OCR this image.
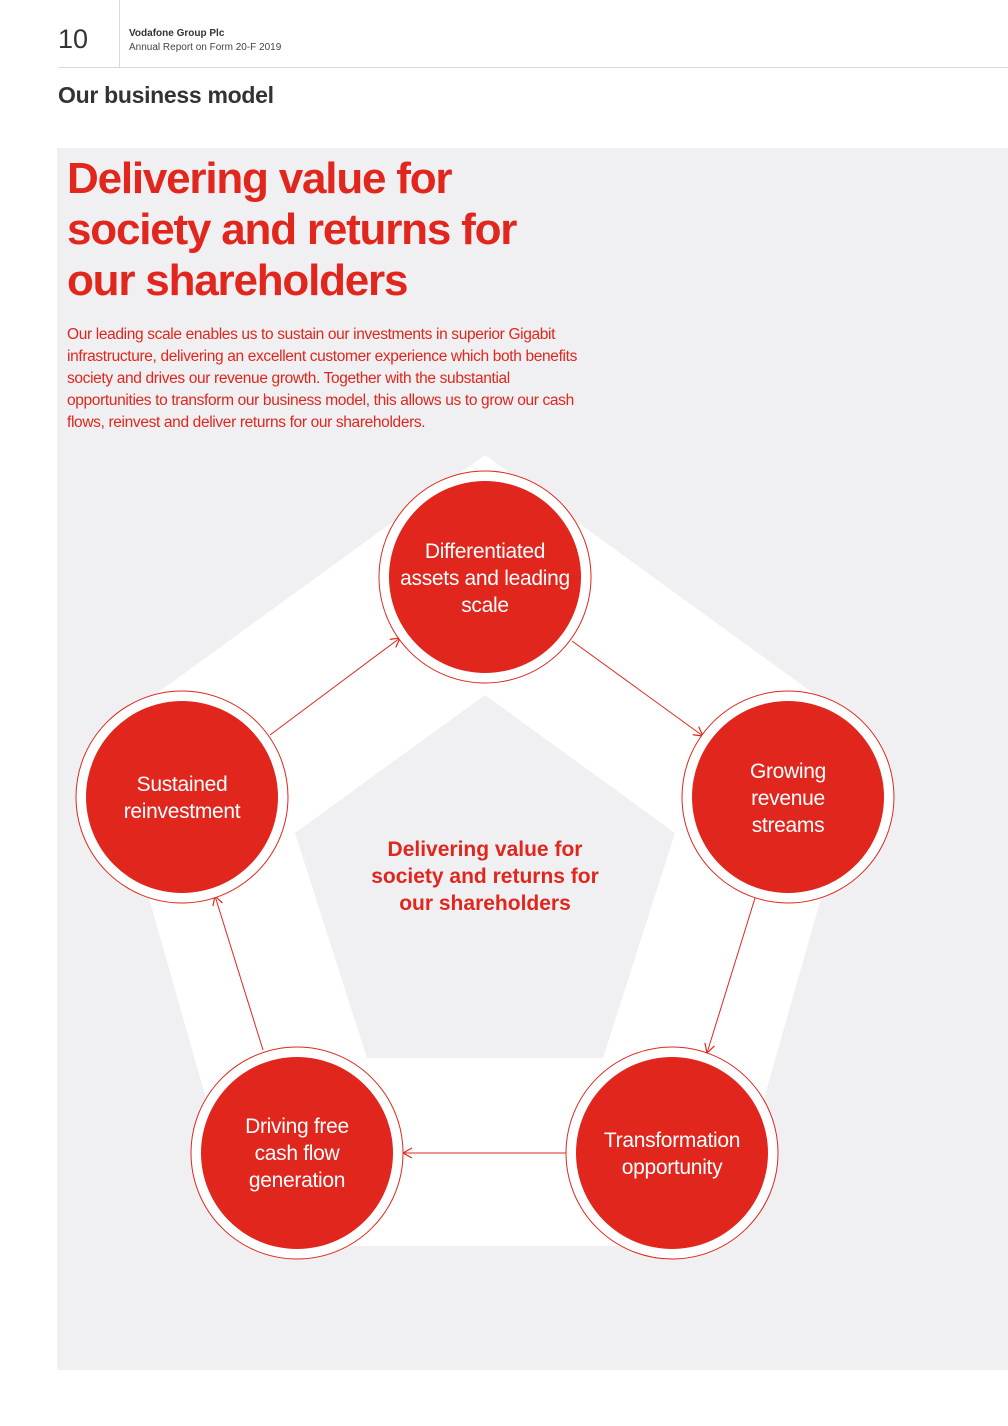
10	Vodafone Group Plc
Annual Report on Form 20-F 2019
Our business model
Delivering value for society and returns for our shareholders
Our leading scale enables us to sustain our investments in superior Gigabit infrastructure, delivering an excellent customer experience which both benefits society and drives our revenue growth. Together with the substantial opportunities to transform our business model, this allows us to grow our cash flows, reinvest and deliver returns for our shareholders.
Differentiated assets and leading scale
Growing revenue streams
Transformation opportunity
Driving free cash flow generation
Sustained reinvestment
Delivering value for society and returns for our shareholders
